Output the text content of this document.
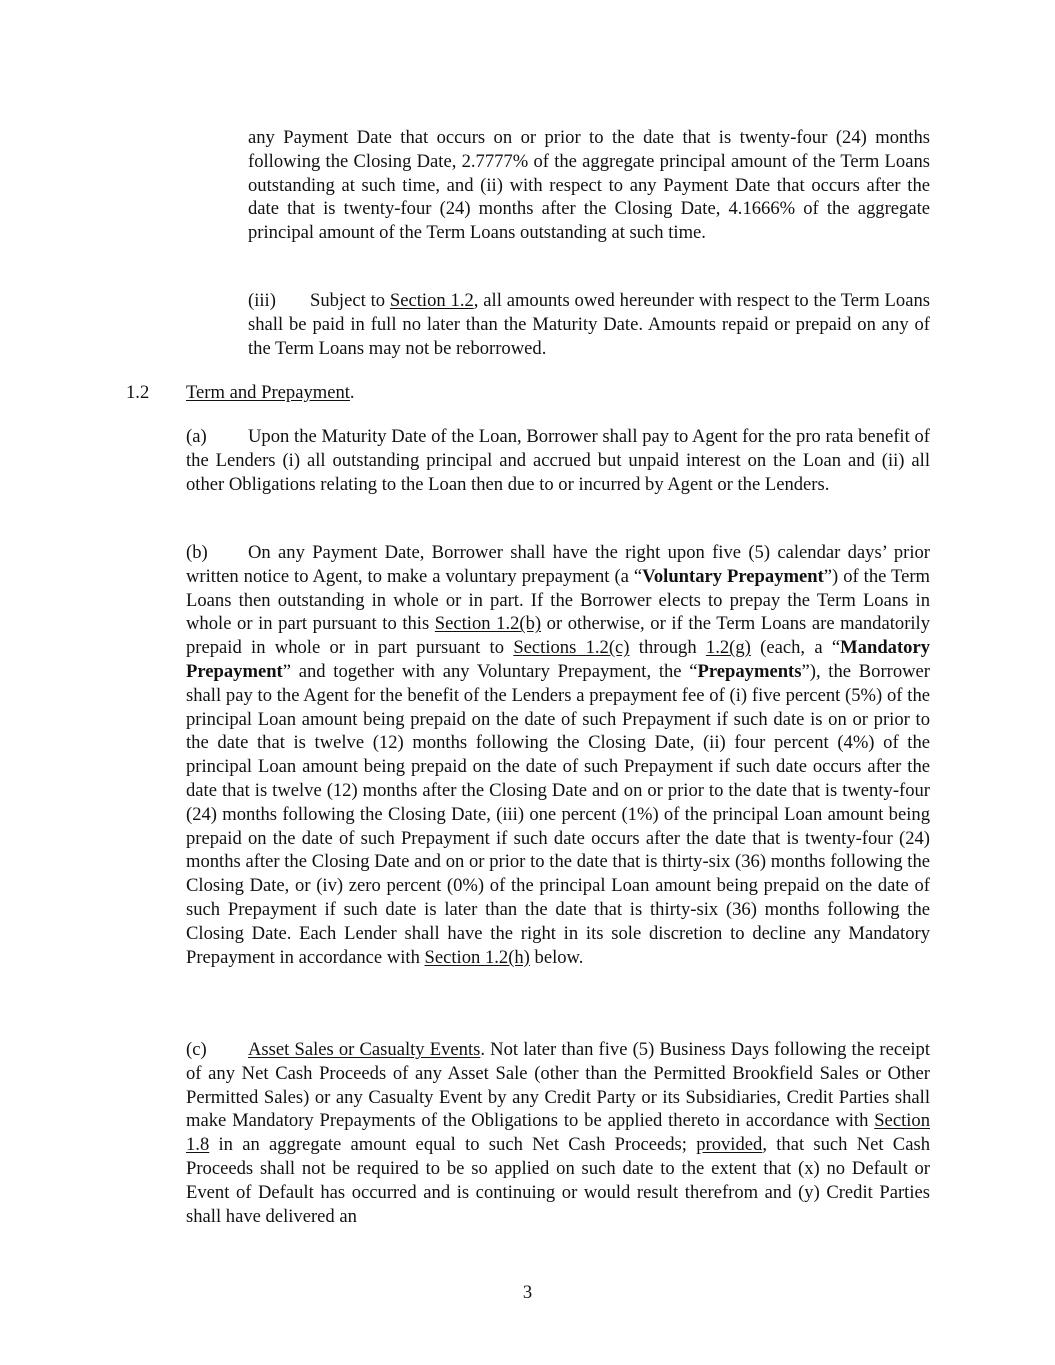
any Payment Date that occurs on or prior to the date that is twenty-four (24) months following the Closing Date, 2.7777% of the aggregate principal amount of the Term Loans outstanding at such time, and (ii) with respect to any Payment Date that occurs after the date that is twenty-four (24) months after the Closing Date, 4.1666% of the aggregate principal amount of the Term Loans outstanding at such time.

(iii) Subject to Section 1.2, all amounts owed hereunder with respect to the Term Loans shall be paid in full no later than the Maturity Date. Amounts repaid or prepaid on any of the Term Loans may not be reborrowed.

1.2 Term and Prepayment.

(a) Upon the Maturity Date of the Loan, Borrower shall pay to Agent for the pro rata benefit of the Lenders (i) all outstanding principal and accrued but unpaid interest on the Loan and (ii) all other Obligations relating to the Loan then due to or incurred by Agent or the Lenders.

(b) On any Payment Date, Borrower shall have the right upon five (5) calendar days’ prior written notice to Agent, to make a voluntary prepayment (a “Voluntary Prepayment”) of the Term Loans then outstanding in whole or in part. If the Borrower elects to prepay the Term Loans in whole or in part pursuant to this Section 1.2(b) or otherwise, or if the Term Loans are mandatorily prepaid in whole or in part pursuant to Sections 1.2(c) through 1.2(g) (each, a “Mandatory Prepayment” and together with any Voluntary Prepayment, the “Prepayments”), the Borrower shall pay to the Agent for the benefit of the Lenders a prepayment fee of (i) five percent (5%) of the principal Loan amount being prepaid on the date of such Prepayment if such date is on or prior to the date that is twelve (12) months following the Closing Date, (ii) four percent (4%) of the principal Loan amount being prepaid on the date of such Prepayment if such date occurs after the date that is twelve (12) months after the Closing Date and on or prior to the date that is twenty-four (24) months following the Closing Date, (iii) one percent (1%) of the principal Loan amount being prepaid on the date of such Prepayment if such date occurs after the date that is twenty-four (24) months after the Closing Date and on or prior to the date that is thirty-six (36) months following the Closing Date, or (iv) zero percent (0%) of the principal Loan amount being prepaid on the date of such Prepayment if such date is later than the date that is thirty-six (36) months following the Closing Date. Each Lender shall have the right in its sole discretion to decline any Mandatory Prepayment in accordance with Section 1.2(h) below.

(c) Asset Sales or Casualty Events. Not later than five (5) Business Days following the receipt of any Net Cash Proceeds of any Asset Sale (other than the Permitted Brookfield Sales or Other Permitted Sales) or any Casualty Event by any Credit Party or its Subsidiaries, Credit Parties shall make Mandatory Prepayments of the Obligations to be applied thereto in accordance with Section 1.8 in an aggregate amount equal to such Net Cash Proceeds; provided, that such Net Cash Proceeds shall not be required to be so applied on such date to the extent that (x) no Default or Event of Default has occurred and is continuing or would result therefrom and (y) Credit Parties shall have delivered an

3
